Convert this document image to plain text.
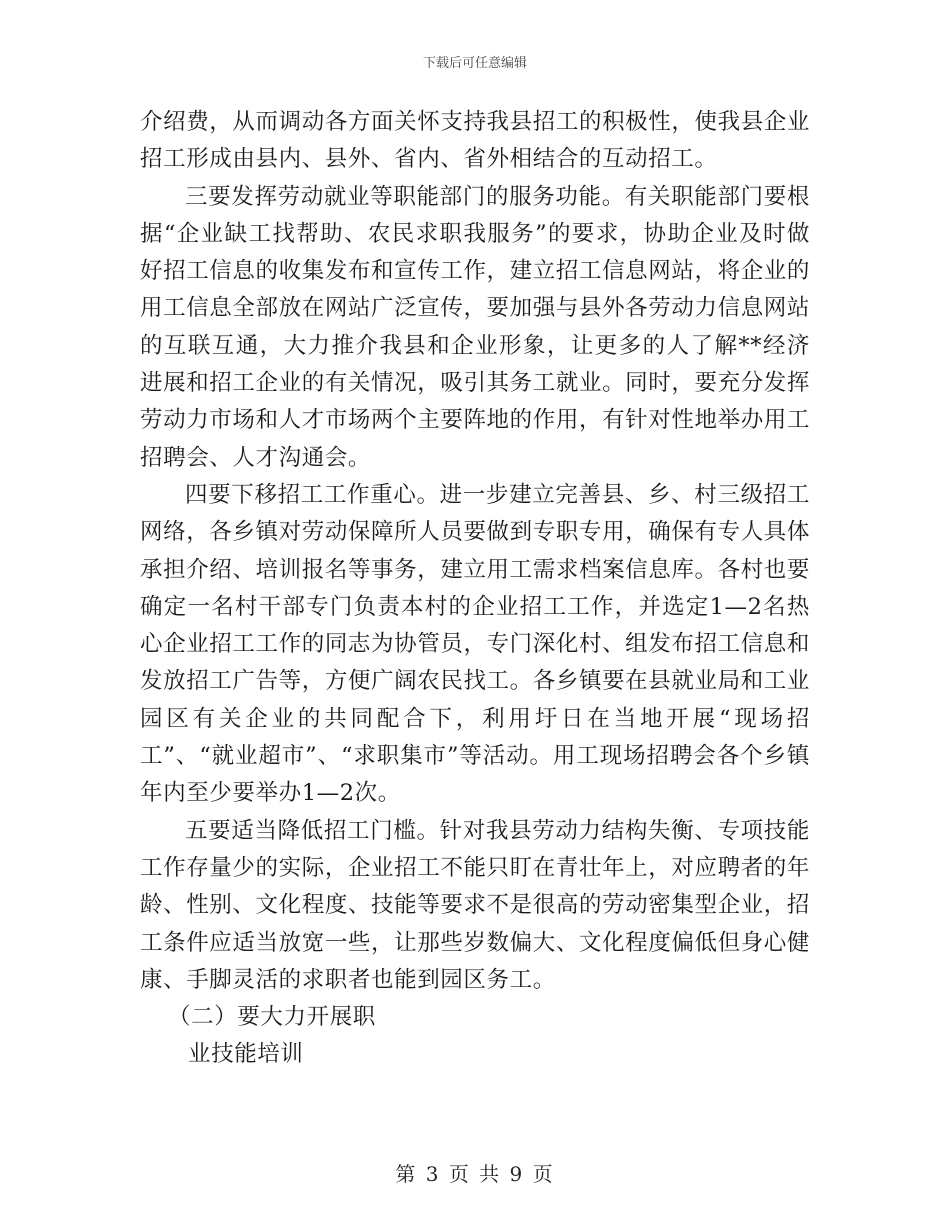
下载后可任意编辑

介绍费，从而调动各方面关怀支持我县招工的积极性，使我县企业招工形成由县内、县外、省内、省外相结合的互动招工。

三要发挥劳动就业等职能部门的服务功能。有关职能部门要根据“企业缺工找帮助、农民求职我服务”的要求，协助企业及时做好招工信息的收集发布和宣传工作，建立招工信息网站，将企业的用工信息全部放在网站广泛宣传，要加强与县外各劳动力信息网站的互联互通，大力推介我县和企业形象，让更多的人了解**经济进展和招工企业的有关情况，吸引其务工就业。同时，要充分发挥劳动力市场和人才市场两个主要阵地的作用，有针对性地举办用工招聘会、人才沟通会。

四要下移招工工作重心。进一步建立完善县、乡、村三级招工网络，各乡镇对劳动保障所人员要做到专职专用，确保有专人具体承担介绍、培训报名等事务，建立用工需求档案信息库。各村也要确定一名村干部专门负责本村的企业招工工作，并选定1—2名热心企业招工工作的同志为协管员，专门深化村、组发布招工信息和发放招工广告等，方便广阔农民找工。各乡镇要在县就业局和工业园区有关企业的共同配合下，利用圩日在当地开展“现场招工”、“就业超市”、“求职集市”等活动。用工现场招聘会各个乡镇年内至少要举办1—2次。

五要适当降低招工门槛。针对我县劳动力结构失衡、专项技能工作存量少的实际，企业招工不能只盯在青壮年上，对应聘者的年龄、性别、文化程度、技能等要求不是很高的劳动密集型企业，招工条件应适当放宽一些，让那些岁数偏大、文化程度偏低但身心健康、手脚灵活的求职者也能到园区务工。

（二）要大力开展职

业技能培训

第 3 页 共 9 页
